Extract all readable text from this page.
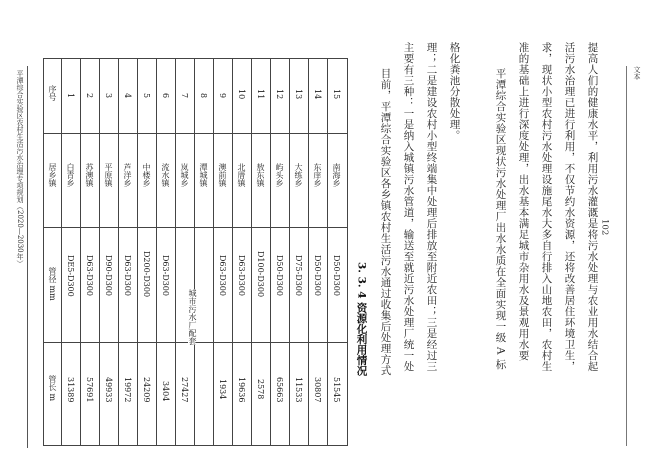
平潭综合实验区农村生活污水治理专项规划（2020—2030年）	文本
序号
居乡镇
管径 mm
管长 m
1
白青乡
DE5-D300
31389
2
苏澳镇
D63-D300
57691
3
平原镇
D90-D300
49933
4
芦洋乡
D63-D300
19972
5
中楼乡
D200-D300
24209
6
流水镇
D63-D300
3404
7
岚城乡
27427
8
潭城镇
城市污水厂配套
9
澳前镇
D63-D300
1934
10
北厝镇
D63-D300
19636
11
敖东镇
D100-D300
2578
12
屿头乡
D50-D300
65663
13
大练乡
D75-D300
11533
14
东庠乡
D50-D300
30807
15
南海乡
D50-D300
51545
3. 3. 4 资源化利用情况 目前，平潭综合实验区各乡镇农村生活污水通过收集后处理方式 主要有三种：一是纳入城镇污水管道，输送至就近污水处理厂统一处 理；二是建设农村小型终端集中处理后排放至附近农田；三是经过三 格化粪池分散处理。	平潭综合实验区现状污水处理厂出水水质在全面实现一级 A 标 准的基础上进行深度处理，出水基本满足城市杂用水及景观用水要 求，现状小型农村污水处理设施尾水大多自行排入山地农田，农村生 活污水治理已进行利用，不仅节约水资源，还将改善居住环境卫生， 提高人们的健康水平，利用污水灌溉是将污水处理与农业用水结合起 102
